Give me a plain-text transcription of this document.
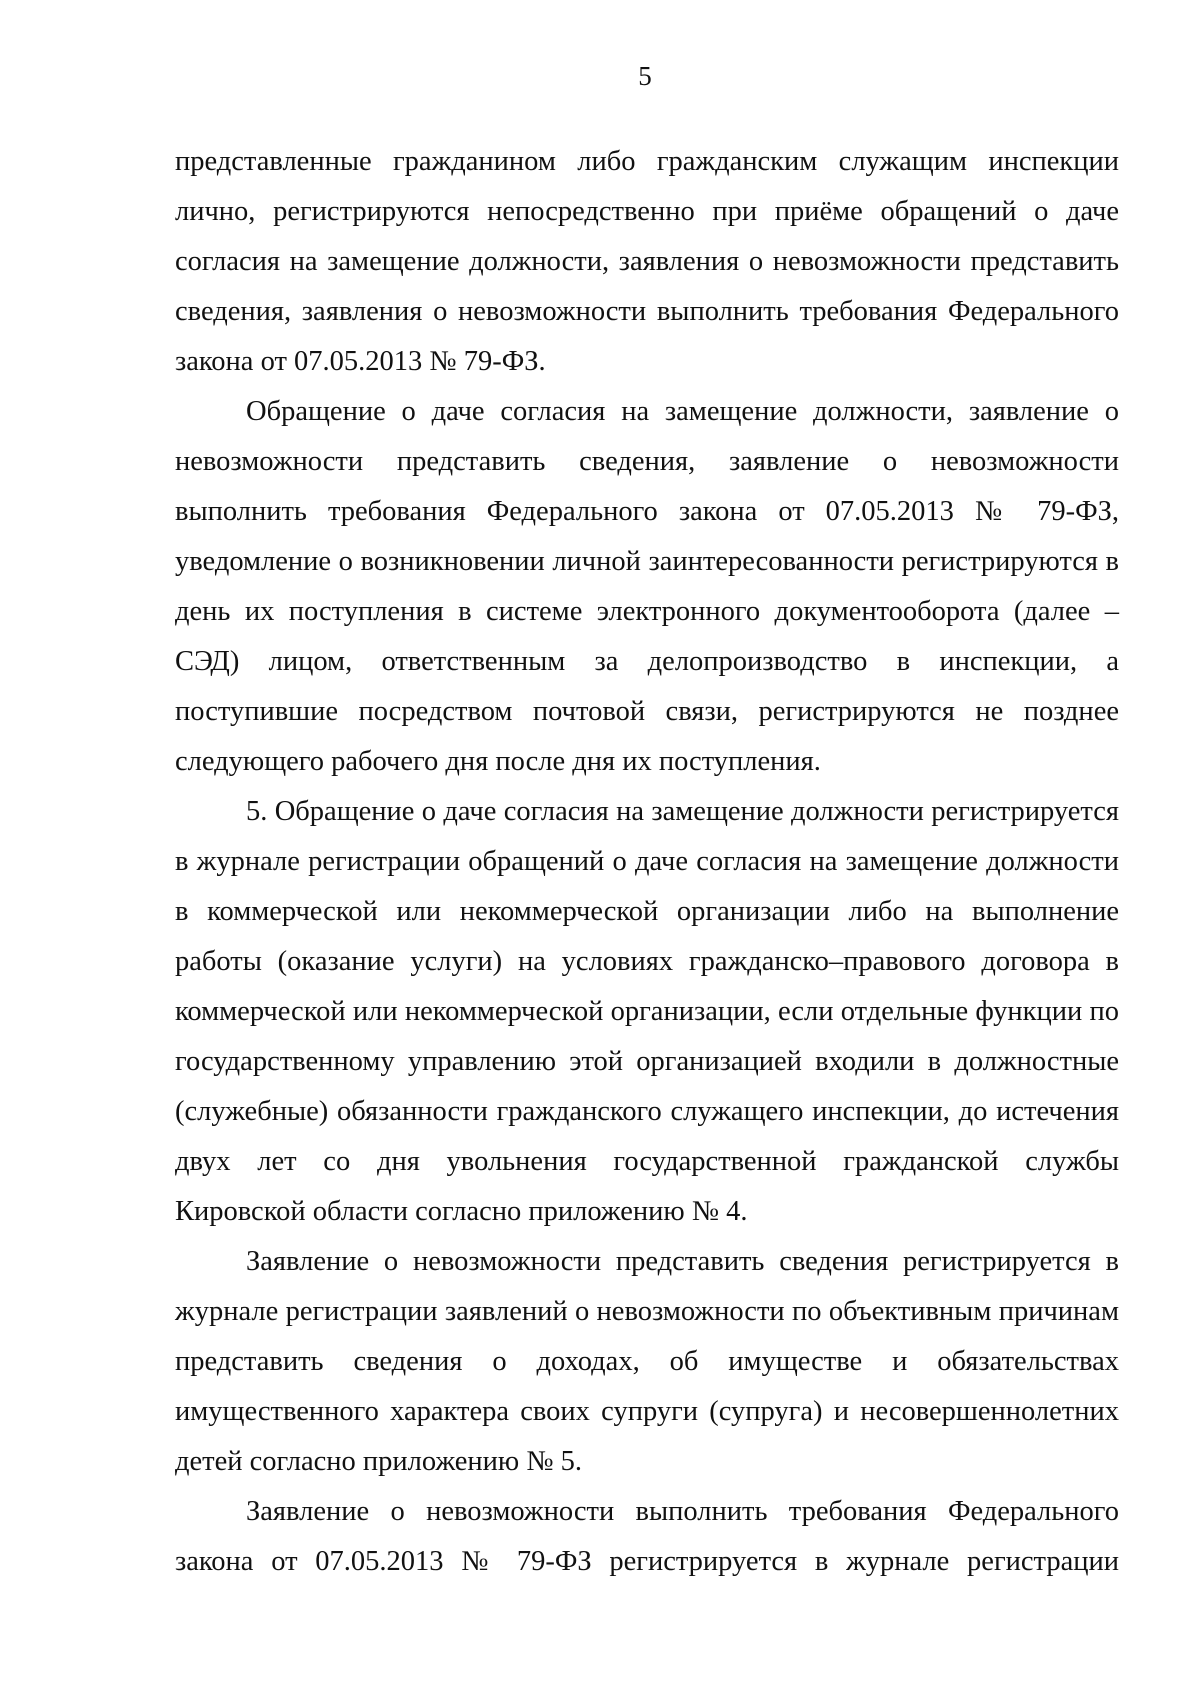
5

представленные гражданином либо гражданским служащим инспекции лично, регистрируются непосредственно при приёме обращений о даче согласия на замещение должности, заявления о невозможности представить сведения, заявления о невозможности выполнить требования Федерального закона от 07.05.2013 № 79-ФЗ.

Обращение о даче согласия на замещение должности, заявление о невозможности представить сведения, заявление о невозможности выполнить требования Федерального закона от 07.05.2013 № 79-ФЗ, уведомление о возникновении личной заинтересованности регистрируются в день их поступления в системе электронного документооборота (далее – СЭД) лицом, ответственным за делопроизводство в инспекции, а поступившие посредством почтовой связи, регистрируются не позднее следующего рабочего дня после дня их поступления.

5. Обращение о даче согласия на замещение должности регистрируется в журнале регистрации обращений о даче согласия на замещение должности в коммерческой или некоммерческой организации либо на выполнение работы (оказание услуги) на условиях гражданско–правового договора в коммерческой или некоммерческой организации, если отдельные функции по государственному управлению этой организацией входили в должностные (служебные) обязанности гражданского служащего инспекции, до истечения двух лет со дня увольнения государственной гражданской службы Кировской области согласно приложению № 4.

Заявление о невозможности представить сведения регистрируется в журнале регистрации заявлений о невозможности по объективным причинам представить сведения о доходах, об имуществе и обязательствах имущественного характера своих супруги (супруга) и несовершеннолетних детей согласно приложению № 5.

Заявление о невозможности выполнить требования Федерального закона от 07.05.2013 № 79-ФЗ регистрируется в журнале регистрации
